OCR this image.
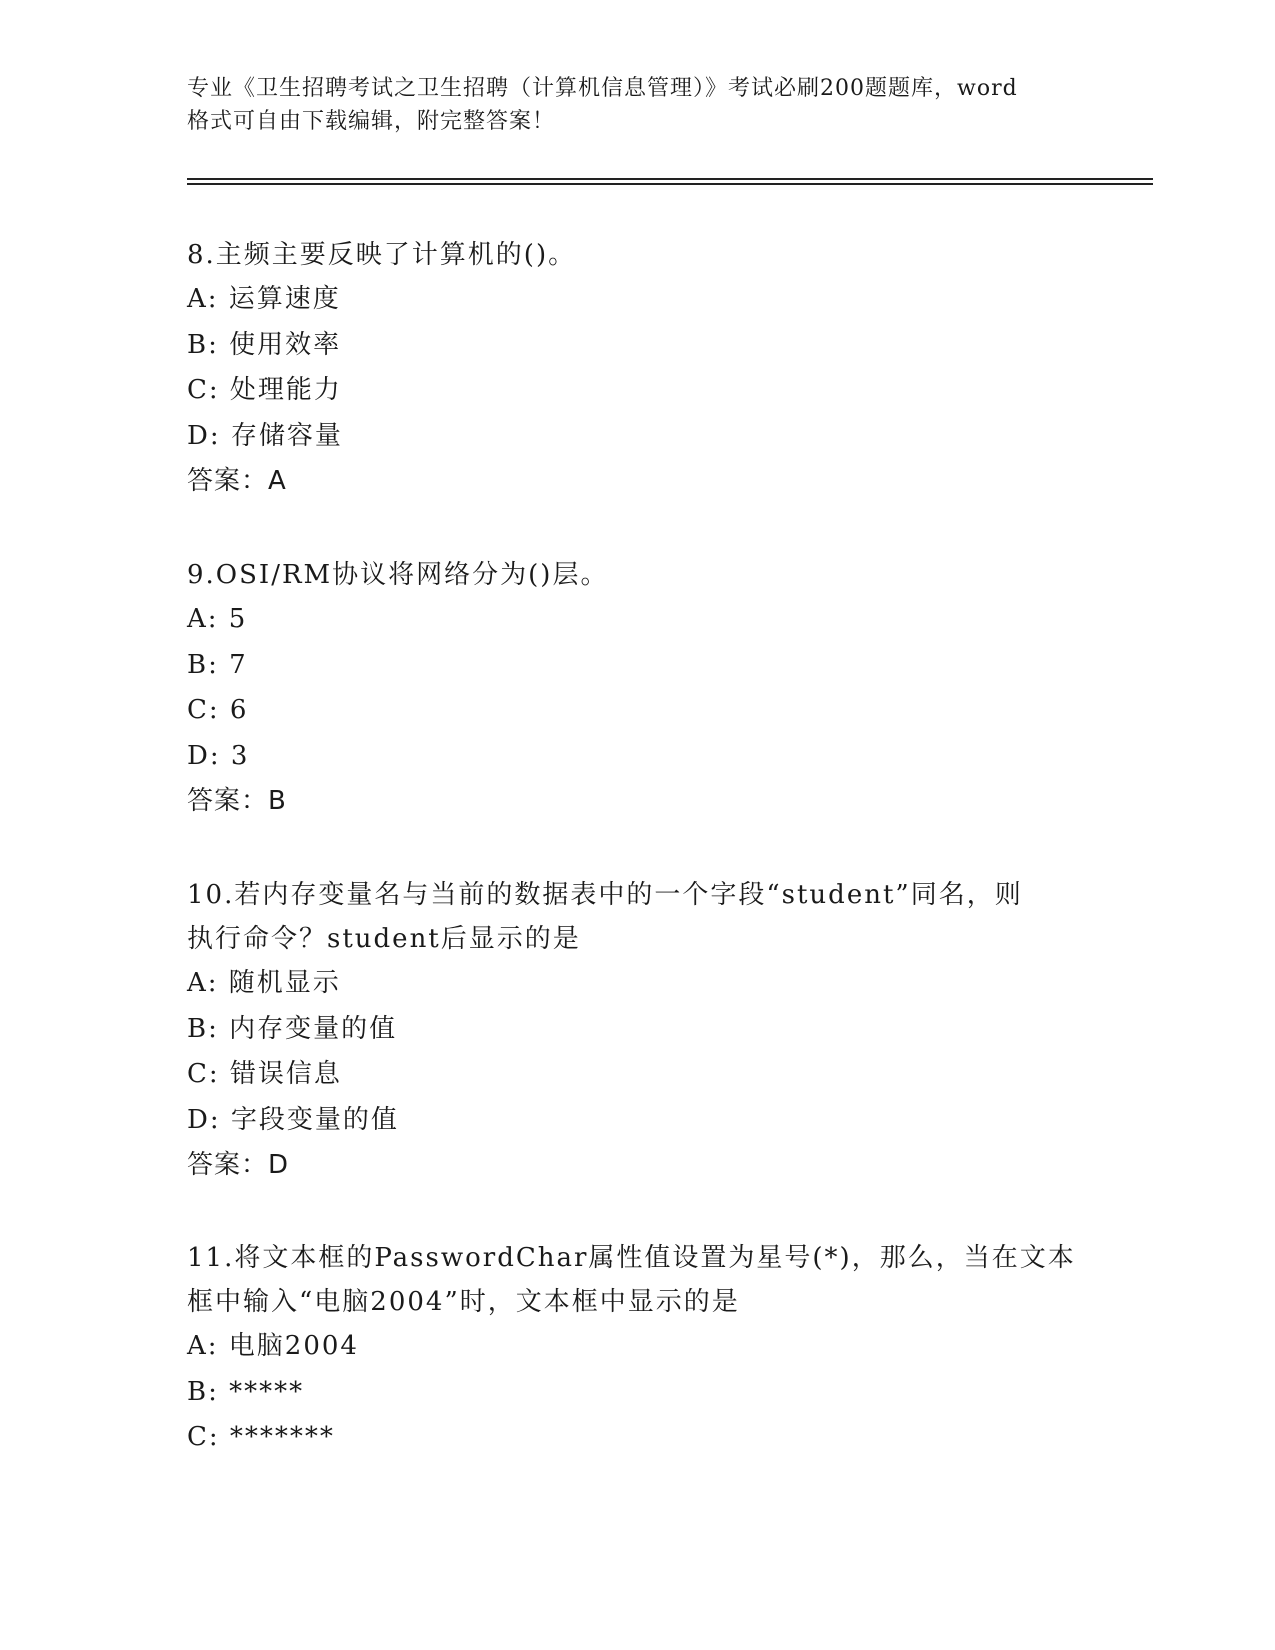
专业《卫生招聘考试之卫生招聘（计算机信息管理）》考试必刷200题题库，word
格式可自由下载编辑，附完整答案！

8.主频主要反映了计算机的()。

A: 运算速度

B: 使用效率

C: 处理能力

D: 存储容量

答案：A

9.OSI/RM协议将网络分为()层。

A: 5

B: 7

C: 6

D: 3

答案：B

10.若内存变量名与当前的数据表中的一个字段“student”同名，则

执行命令？student后显示的是

A: 随机显示

B: 内存变量的值

C: 错误信息

D: 字段变量的值

答案：D

11.将文本框的PasswordChar属性值设置为星号(*)，那么，当在文本

框中输入“电脑2004”时，文本框中显示的是

A: 电脑2004

B: *****

C: *******
